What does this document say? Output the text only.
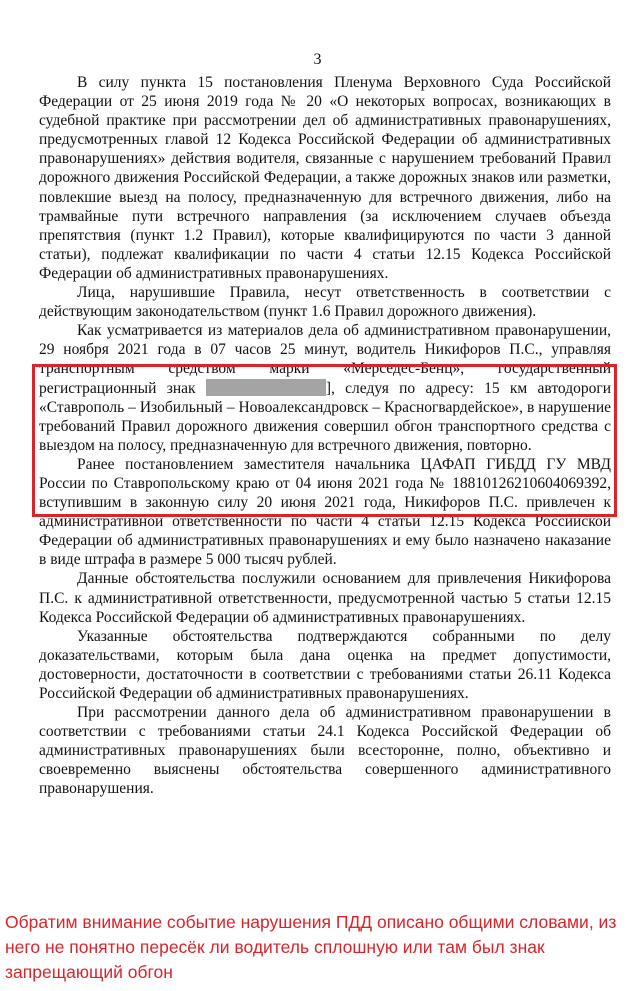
3

В силу пункта 15 постановления Пленума Верховного Суда Российской Федерации от 25 июня 2019 года № 20 «О некоторых вопросах, возникающих в судебной практике при рассмотрении дел об административных правонарушениях, предусмотренных главой 12 Кодекса Российской Федерации об административных правонарушениях» действия водителя, связанные с нарушением требований Правил дорожного движения Российской Федерации, а также дорожных знаков или разметки, повлекшие выезд на полосу, предназначенную для встречного движения, либо на трамвайные пути встречного направления (за исключением случаев объезда препятствия (пункт 1.2 Правил), которые квалифицируются по части 3 данной статьи), подлежат квалификации по части 4 статьи 12.15 Кодекса Российской Федерации об административных правонарушениях.

Лица, нарушившие Правила, несут ответственность в соответствии с действующим законодательством (пункт 1.6 Правил дорожного движения).

Как усматривается из материалов дела об административном правонарушении, 29 ноября 2021 года в 07 часов 25 минут, водитель Никифоров П.С., управляя транспортным средством марки «Мерседес-Бенц», государственный регистрационный знак	], следуя по адресу: 15 км автодороги «Ставрополь – Изобильный – Новоалександровск – Красногвардейское», в нарушение требований Правил дорожного движения совершил обгон транспортного средства с выездом на полосу, предназначенную для встречного движения, повторно.

Ранее постановлением заместителя начальника ЦАФАП ГИБДД ГУ МВД России по Ставропольскому краю от 04 июня 2021 года № 18810126210604069392, вступившим в законную силу 20 июня 2021 года, Никифоров П.С. привлечен к административной ответственности по части 4 статьи 12.15 Кодекса Российской Федерации об административных правонарушениях и ему было назначено наказание в виде штрафа в размере 5 000 тысяч рублей.

Данные обстоятельства послужили основанием для привлечения Никифорова П.С. к административной ответственности, предусмотренной частью 5 статьи 12.15 Кодекса Российской Федерации об административных правонарушениях.

Указанные обстоятельства подтверждаются собранными по делу доказательствами, которым была дана оценка на предмет допустимости, достоверности, достаточности в соответствии с требованиями статьи 26.11 Кодекса Российской Федерации об административных правонарушениях.

При рассмотрении данного дела об административном правонарушении в соответствии с требованиями статьи 24.1 Кодекса Российской Федерации об административных правонарушениях были всесторонне, полно, объективно и своевременно выяснены обстоятельства совершенного административного правонарушения.

Обратим внимание событие нарушения ПДД описано общими словами, из него не понятно пересёк ли водитель сплошную или там был знак запрещающий обгон
